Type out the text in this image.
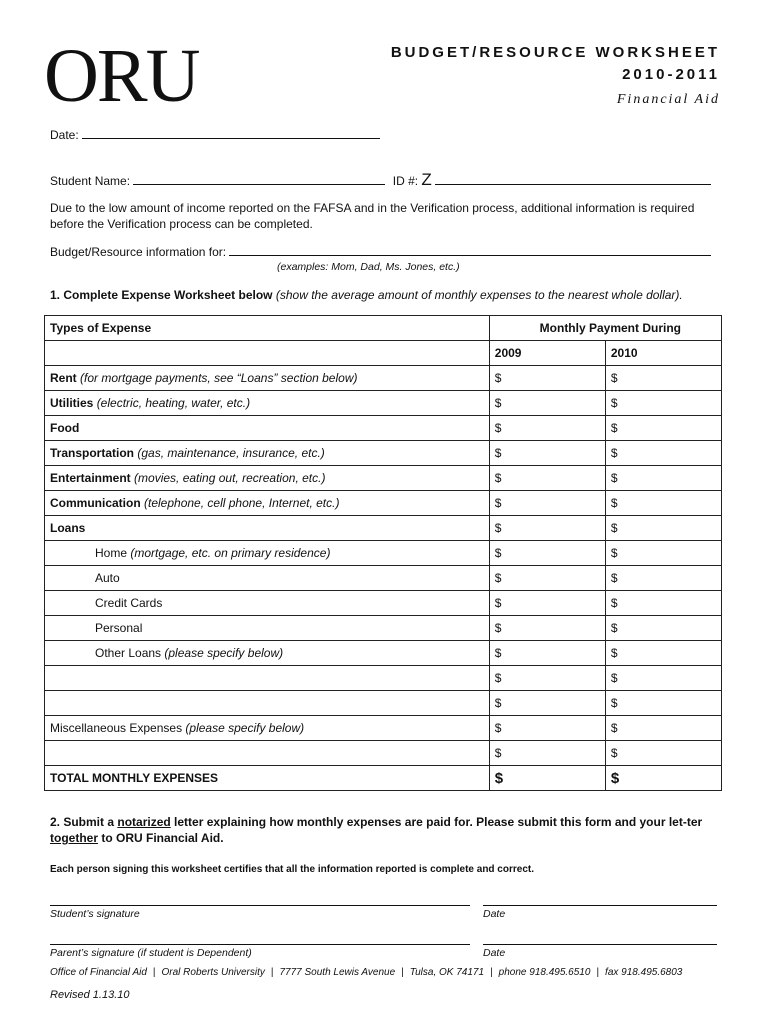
ORU	BUDGET/RESOURCE WORKSHEET
2010-2011
Financial Aid
Date:
Student Name:	ID #: Z
Due to the low amount of income reported on the FAFSA and in the Verification process, additional information is required before the Verification process can be completed.
Budget/Resource information for:
(examples: Mom, Dad, Ms. Jones, etc.)
1. Complete Expense Worksheet below (show the average amount of monthly expenses to the nearest whole dollar).
Types of Expense	Monthly Payment During	
	2009	2010
Rent (for mortgage payments, see “Loans” section below)	$	$
Utilities (electric, heating, water, etc.)	$	$
Food	$	$
Transportation (gas, maintenance, insurance, etc.)	$	$
Entertainment (movies, eating out, recreation, etc.)	$	$
Communication (telephone, cell phone, Internet, etc.)	$	$
Loans	$	$
Home (mortgage, etc. on primary residence)	$	$
Auto	$	$
Credit Cards	$	$
Personal	$	$
Other Loans (please specify below)	$	$
	$	$
	$	$
Miscellaneous Expenses (please specify below)	$	$
	$	$
TOTAL MONTHLY EXPENSES	$	$
2. Submit a notarized letter explaining how monthly expenses are paid for. Please submit this form and your let-ter together to ORU Financial Aid.
Each person signing this worksheet certifies that all the information reported is complete and correct.
Student’s signature	Date
Parent’s signature (if student is Dependent)	Date
Office of Financial Aid | Oral Roberts University | 7777 South Lewis Avenue | Tulsa, OK 74171 | phone 918.495.6510 | fax 918.495.6803
Revised 1.13.10
